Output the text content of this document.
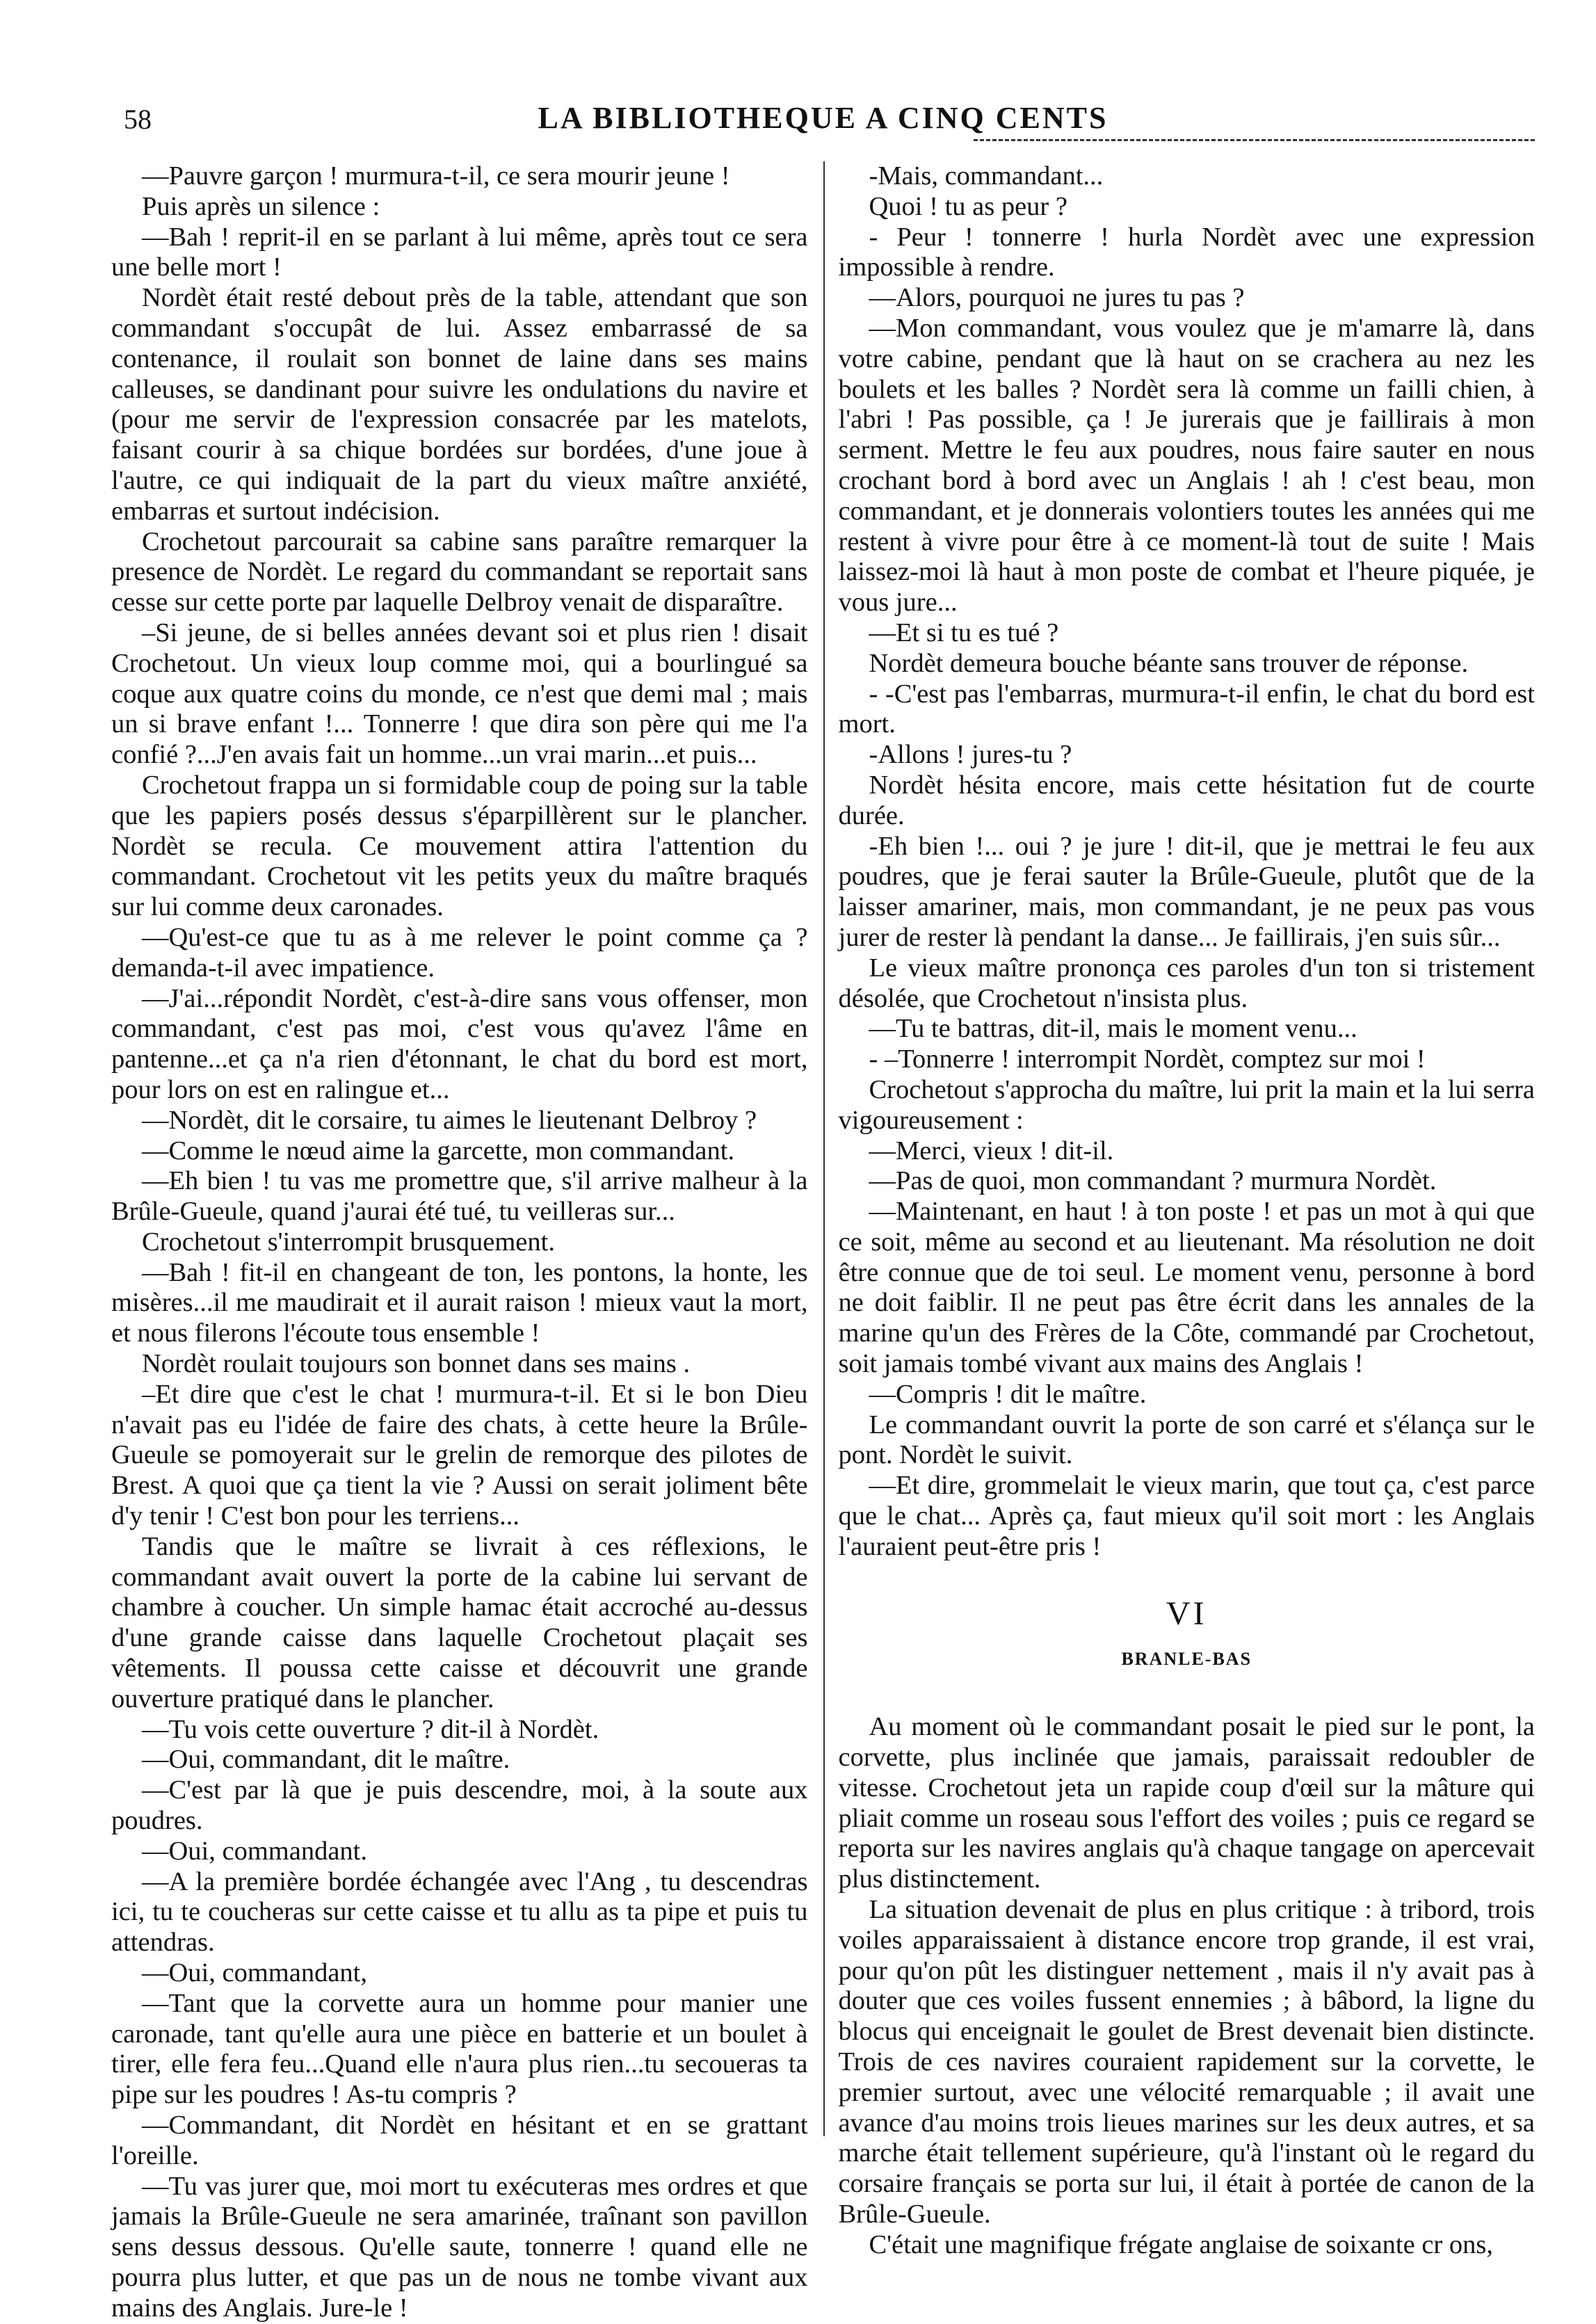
58	LA BIBLIOTHEQUE A CINQ CENTS

—Pauvre garçon ! murmura-t-il, ce sera mourir jeune !

Puis après un silence :

—Bah ! reprit-il en se parlant à lui même, après tout ce sera une belle mort !

Nordèt était resté debout près de la table, attendant que son commandant s'occupât de lui. Assez embarrassé de sa contenance, il roulait son bonnet de laine dans ses mains calleuses, se dandinant pour suivre les ondulations du navire et (pour me servir de l'expression consacrée par les matelots, faisant courir à sa chique bordées sur bordées, d'une joue à l'autre, ce qui indiquait de la part du vieux maître anxiété, embarras et surtout indécision.

Crochetout parcourait sa cabine sans paraître remarquer la presence de Nordèt. Le regard du commandant se reportait sans cesse sur cette porte par laquelle Delbroy venait de disparaître.

–Si jeune, de si belles années devant soi et plus rien ! disait Crochetout. Un vieux loup comme moi, qui a bourlingué sa coque aux quatre coins du monde, ce n'est que demi mal ; mais un si brave enfant !... Tonnerre ! que dira son père qui me l'a confié ?...J'en avais fait un homme...un vrai marin...et puis...

Crochetout frappa un si formidable coup de poing sur la table que les papiers posés dessus s'éparpillèrent sur le plancher. Nordèt se recula. Ce mouvement attira l'attention du commandant. Crochetout vit les petits yeux du maître braqués sur lui comme deux caronades.

—Qu'est-ce que tu as à me relever le point comme ça ? demanda-t-il avec impatience.

—J'ai...répondit Nordèt, c'est-à-dire sans vous offenser, mon commandant, c'est pas moi, c'est vous qu'avez l'âme en pantenne...et ça n'a rien d'étonnant, le chat du bord est mort, pour lors on est en ralingue et...

—Nordèt, dit le corsaire, tu aimes le lieutenant Delbroy ?

—Comme le nœud aime la garcette, mon commandant.

—Eh bien ! tu vas me promettre que, s'il arrive malheur à la Brûle-Gueule, quand j'aurai été tué, tu veilleras sur...

Crochetout s'interrompit brusquement.

—Bah ! fit-il en changeant de ton, les pontons, la honte, les misères...il me maudirait et il aurait raison ! mieux vaut la mort, et nous filerons l'écoute tous ensemble !

Nordèt roulait toujours son bonnet dans ses mains .

–Et dire que c'est le chat ! murmura-t-il. Et si le bon Dieu n'avait pas eu l'idée de faire des chats, à cette heure la Brûle-Gueule se pomoyerait sur le grelin de remorque des pilotes de Brest. A quoi que ça tient la vie ? Aussi on serait joliment bête d'y tenir ! C'est bon pour les terriens...

Tandis que le maître se livrait à ces réflexions, le commandant avait ouvert la porte de la cabine lui servant de chambre à coucher. Un simple hamac était accroché au-dessus d'une grande caisse dans laquelle Crochetout plaçait ses vêtements. Il poussa cette caisse et découvrit une grande ouverture pratiqué dans le plancher.

—Tu vois cette ouverture ? dit-il à Nordèt.

—Oui, commandant, dit le maître.

—C'est par là que je puis descendre, moi, à la soute aux poudres.

—Oui, commandant.

—A la première bordée échangée avec l'Ang , tu descendras ici, tu te coucheras sur cette caisse et tu allu as ta pipe et puis tu attendras.

—Oui, commandant,

—Tant que la corvette aura un homme pour manier une caronade, tant qu'elle aura une pièce en batterie et un boulet à tirer, elle fera feu...Quand elle n'aura plus rien...tu secoueras ta pipe sur les poudres ! As-tu compris ?

—Commandant, dit Nordèt en hésitant et en se grattant l'oreille.

—Tu vas jurer que, moi mort tu exécuteras mes ordres et que jamais la Brûle-Gueule ne sera amarinée, traînant son pavillon sens dessus dessous. Qu'elle saute, tonnerre ! quand elle ne pourra plus lutter, et que pas un de nous ne tombe vivant aux mains des Anglais. Jure-le !

-Mais, commandant...

Quoi ! tu as peur ?

- Peur ! tonnerre ! hurla Nordèt avec une expression impossible à rendre.

—Alors, pourquoi ne jures tu pas ?

—Mon commandant, vous voulez que je m'amarre là, dans votre cabine, pendant que là haut on se crachera au nez les boulets et les balles ? Nordèt sera là comme un failli chien, à l'abri ! Pas possible, ça ! Je jurerais que je faillirais à mon serment. Mettre le feu aux poudres, nous faire sauter en nous crochant bord à bord avec un Anglais ! ah ! c'est beau, mon commandant, et je donnerais volontiers toutes les années qui me restent à vivre pour être à ce moment-là tout de suite ! Mais laissez-moi là haut à mon poste de combat et l'heure piquée, je vous jure...

—Et si tu es tué ?

Nordèt demeura bouche béante sans trouver de réponse.

- -C'est pas l'embarras, murmura-t-il enfin, le chat du bord est mort.

-Allons ! jures-tu ?

Nordèt hésita encore, mais cette hésitation fut de courte durée.

-Eh bien !... oui ? je jure ! dit-il, que je mettrai le feu aux poudres, que je ferai sauter la Brûle-Gueule, plutôt que de la laisser amariner, mais, mon commandant, je ne peux pas vous jurer de rester là pendant la danse... Je faillirais, j'en suis sûr...

Le vieux maître prononça ces paroles d'un ton si tristement désolée, que Crochetout n'insista plus.

—Tu te battras, dit-il, mais le moment venu...

- –Tonnerre ! interrompit Nordèt, comptez sur moi !

Crochetout s'approcha du maître, lui prit la main et la lui serra vigoureusement :

—Merci, vieux ! dit-il.

—Pas de quoi, mon commandant ? murmura Nordèt.

—Maintenant, en haut ! à ton poste ! et pas un mot à qui que ce soit, même au second et au lieutenant. Ma résolution ne doit être connue que de toi seul. Le moment venu, personne à bord ne doit faiblir. Il ne peut pas être écrit dans les annales de la marine qu'un des Frères de la Côte, commandé par Crochetout, soit jamais tombé vivant aux mains des Anglais !

—Compris ! dit le maître.

Le commandant ouvrit la porte de son carré et s'élança sur le pont. Nordèt le suivit.

—Et dire, grommelait le vieux marin, que tout ça, c'est parce que le chat... Après ça, faut mieux qu'il soit mort : les Anglais l'auraient peut-être pris !

VI

BRANLE-BAS

Au moment où le commandant posait le pied sur le pont, la corvette, plus inclinée que jamais, paraissait redoubler de vitesse. Crochetout jeta un rapide coup d'œil sur la mâture qui pliait comme un roseau sous l'effort des voiles ; puis ce regard se reporta sur les navires anglais qu'à chaque tangage on apercevait plus distinctement.

La situation devenait de plus en plus critique : à tribord, trois voiles apparaissaient à distance encore trop grande, il est vrai, pour qu'on pût les distinguer nettement , mais il n'y avait pas à douter que ces voiles fussent ennemies ; à bâbord, la ligne du blocus qui enceignait le goulet de Brest devenait bien distincte. Trois de ces navires couraient rapidement sur la corvette, le premier surtout, avec une vélocité remarquable ; il avait une avance d'au moins trois lieues marines sur les deux autres, et sa marche était tellement supérieure, qu'à l'instant où le regard du corsaire français se porta sur lui, il était à portée de canon de la Brûle-Gueule.

C'était une magnifique frégate anglaise de soixante cr ons,
